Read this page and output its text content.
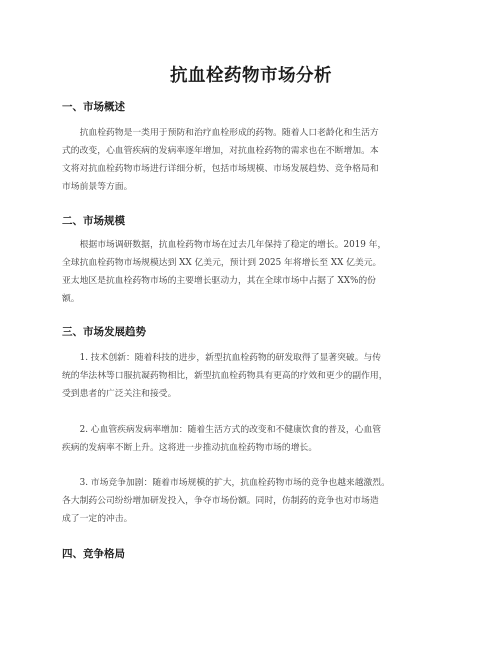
抗血栓药物市场分析
一、市场概述
　　抗血栓药物是一类用于预防和治疗血栓形成的药物。随着人口老龄化和生活方
式的改变，心血管疾病的发病率逐年增加，对抗血栓药物的需求也在不断增加。本
文将对抗血栓药物市场进行详细分析，包括市场规模、市场发展趋势、竞争格局和
市场前景等方面。
二、市场规模
　　根据市场调研数据，抗血栓药物市场在过去几年保持了稳定的增长。2019 年，
全球抗血栓药物市场规模达到 XX 亿美元，预计到 2025 年将增长至 XX 亿美元。
亚太地区是抗血栓药物市场的主要增长驱动力，其在全球市场中占据了 XX%的份
额。
三、市场发展趋势
　　1. 技术创新：随着科技的进步，新型抗血栓药物的研发取得了显著突破。与传
统的华法林等口服抗凝药物相比，新型抗血栓药物具有更高的疗效和更少的副作用，
受到患者的广泛关注和接受。
　　2. 心血管疾病发病率增加：随着生活方式的改变和不健康饮食的普及，心血管
疾病的发病率不断上升。这将进一步推动抗血栓药物市场的增长。
　　3. 市场竞争加剧：随着市场规模的扩大，抗血栓药物市场的竞争也越来越激烈。
各大制药公司纷纷增加研发投入，争夺市场份额。同时，仿制药的竞争也对市场造
成了一定的冲击。
四、竞争格局
